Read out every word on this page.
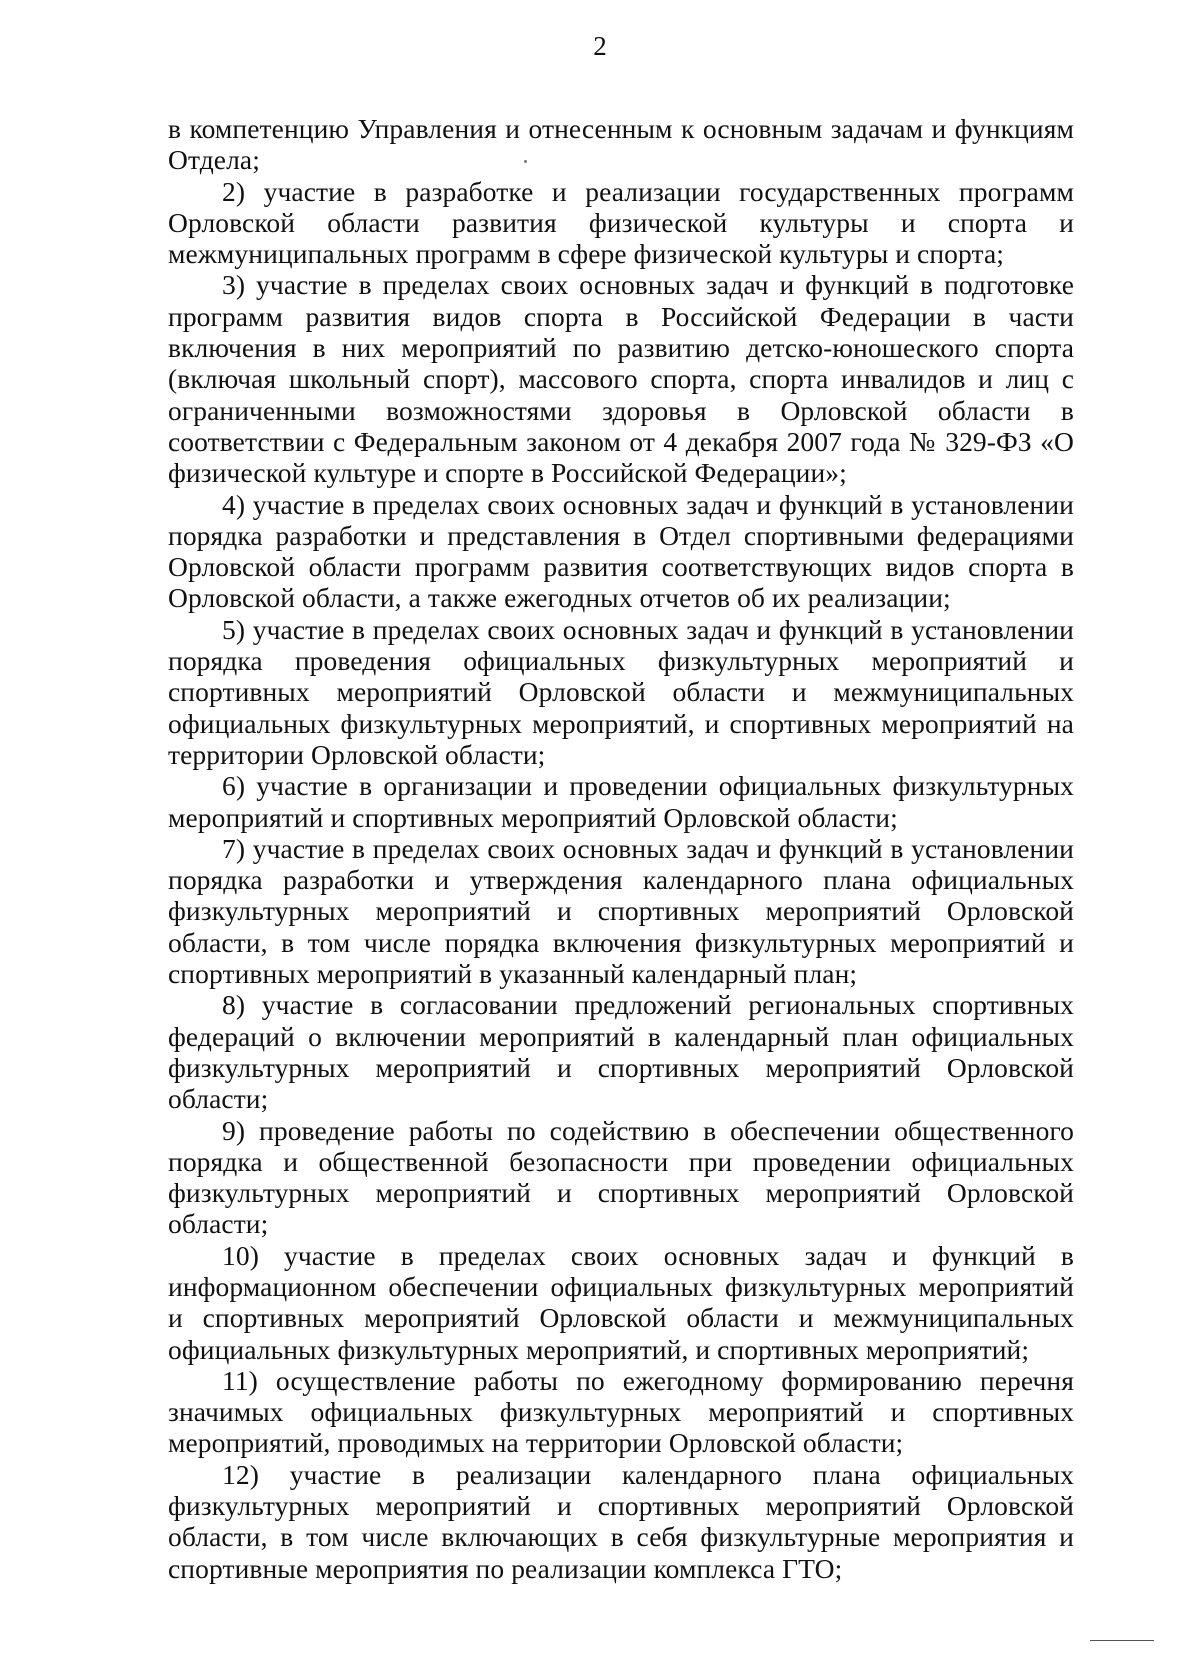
2

в компетенцию Управления и отнесенным к основным задачам и функциям Отдела;

2) участие в разработке и реализации государственных программ Орловской области развития физической культуры и спорта и межмуниципальных программ в сфере физической культуры и спорта;

3) участие в пределах своих основных задач и функций в подготовке программ развития видов спорта в Российской Федерации в части включения в них мероприятий по развитию детско-юношеского спорта (включая школьный спорт), массового спорта, спорта инвалидов и лиц с ограниченными возможностями здоровья в Орловской области в соответствии с Федеральным законом от 4 декабря 2007 года № 329-ФЗ «О физической культуре и спорте в Российской Федерации»;

4) участие в пределах своих основных задач и функций в установлении порядка разработки и представления в Отдел спортивными федерациями Орловской области программ развития соответствующих видов спорта в Орловской области, а также ежегодных отчетов об их реализации;

5) участие в пределах своих основных задач и функций в установлении порядка проведения официальных физкультурных мероприятий и спортивных мероприятий Орловской области и межмуниципальных официальных физкультурных мероприятий, и спортивных мероприятий на территории Орловской области;

6) участие в организации и проведении официальных физкультурных мероприятий и спортивных мероприятий Орловской области;

7) участие в пределах своих основных задач и функций в установлении порядка разработки и утверждения календарного плана официальных физкультурных мероприятий и спортивных мероприятий Орловской области, в том числе порядка включения физкультурных мероприятий и спортивных мероприятий в указанный календарный план;

8) участие в согласовании предложений региональных спортивных федераций о включении мероприятий в календарный план официальных физкультурных мероприятий и спортивных мероприятий Орловской области;

9) проведение работы по содействию в обеспечении общественного порядка и общественной безопасности при проведении официальных физкультурных мероприятий и спортивных мероприятий Орловской области;

10) участие в пределах своих основных задач и функций в информационном обеспечении официальных физкультурных мероприятий и спортивных мероприятий Орловской области и межмуниципальных официальных физкультурных мероприятий, и спортивных мероприятий;

11) осуществление работы по ежегодному формированию перечня значимых официальных физкультурных мероприятий и спортивных мероприятий, проводимых на территории Орловской области;

12) участие в реализации календарного плана официальных физкультурных мероприятий и спортивных мероприятий Орловской области, в том числе включающих в себя физкультурные мероприятия и спортивные мероприятия по реализации комплекса ГТО;
